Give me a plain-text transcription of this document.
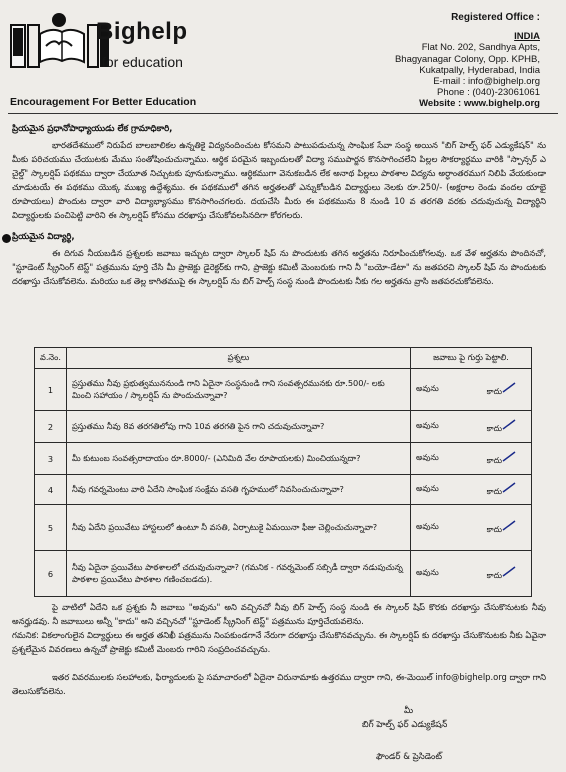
Bighelp
for education
Encouragement For Better Education
Registered Office :
INDIA
Flat No. 202, Sandhya Apts,
Bhagyanagar Colony, Opp. KPHB,
Kukatpally, Hyderabad, India
E-mail : info@bighelp.org
Phone : (040)-23061061
Website : www.bighelp.org
ప్రియమైన ప్రధానోపాధ్యాయుడు లేక గ్రామాధికారి,
భారతదేశములో నిరుపేద బాలబాలికల ఉన్నతికై విద్యనందించుట కోసమని పాటుపడుచున్న సాంఘిక సేవా సంస్థ అయిన "బిగ్ హెల్ప్ ఫర్ ఎడ్యుకేషన్" ను మీకు పరిచయము చేయుటకు మేము సంతోషించుచున్నాము. ఆర్థిక పరమైన ఇబ్బందులతో విద్యా సముపార్జన కొనసాగించలేని పిల్లల సౌకర్యార్థము వారికి "స్పాన్సర్ ఎ చైల్డ్" స్కాలర్షిప్ పథకము ద్వారా చేయూత నిచ్చుటకు పూనుకున్నాము. ఆర్థికముగా వెనుకబడిన లేక అనాథ పిల్లలు పాఠశాల విద్యను అర్ధాంతరముగ నిలిపి వేయకుండా చూడుటయే ఈ పథకము యొక్క ముఖ్య ఉద్దేశ్యము. ఈ పథకములో తగిన అర్హతలతో ఎన్నుకోబడిన విద్యార్థులు నెలకు రూ.250/- (అక్షరాల రెండు వందల యాభై రూపాయలు) పొందుట ద్వారా వారి విద్యాభ్యాసము కొనసాగించగలరు. దయచేసి మీరు ఈ పథకమును 8 నుండి 10 వ తరగతి వరకు చదువుచున్న విద్యార్థిని విద్యార్థులకు పంచిపెట్టి వారిని ఈ స్కాలర్షిప్ కోసము దరఖాస్తు చేసుకోవలసినదిగా కోరగలరు.
ప్రియమైన విద్యార్థి,
ఈ దిగువ నీయబడిన ప్రశ్నలకు జవాబు ఇచ్చుట ద్వారా స్కాలర్ షిప్ ను పొందుటకు తగిన అర్హతను నిరూపించుకోగలవు. ఒక వేళ అర్హతను పొందినచో, "స్టూడెంట్ స్క్రీనింగ్ టెస్ట్" పత్రమును పూర్తి చేసి మీ ప్రాజెక్టు డైరెక్టర్‌కు గాని, ప్రాజెక్టు కమిటీ మెంబరుకు గాని నీ "బయో-డేటా" ను జతపరచి స్కాలర్ షిప్ ను పొందుటకు దరఖాస్తు చేసుకోవలెను. మరియు ఒక తెల్ల కాగితముపై ఈ స్కాలర్షిప్ ను బిగ్ హెల్ప్ సంస్థ నుండి పొందుటకు నీకు గల అర్హతను వ్రాసి జతపరచుకోవలెను.
వ.నెం.	ప్రశ్నలు	జవాబు పై గుర్తు పెట్టాలి.
1	ప్రస్తుతము నీవు ప్రభుత్వముననుండి గాని ఏదైనా సంస్థనుండి గాని సంవత్సరమునకు రూ.500/- లకు మించి సహాయం / స్కాలర్షిప్ ను పొందుచున్నావా?	అవును కాదు

2	ప్రస్తుతము నీవు 8వ తరగతిలోపు గాని 10వ తరగతి పైన గాని చదువుచున్నావా?	అవును కాదు

3	మీ కుటుంబ సంవత్సరాదాయం రూ.8000/- (ఎనిమిది వేల రూపాయలకు) మించియున్నదా?	అవును కాదు

4	నీవు గవర్నమెంటు వారి ఏదేని సాంఘిక సంక్షేమ వసతి గృహములో నివసించుచున్నావా?	అవును కాదు

5	నీవు ఏదేని ప్రయివేటు హాస్టలులో ఉంటూ నీ వసతి, ఏర్పాటుకై ఏమయినా ఫీజు చెల్లించుచున్నావా?	అవును కాదు

6	నీవు ఏదైనా ప్రయివేటు పాఠశాలలో చదువుచున్నావా? (గమనిక - గవర్నమెంట్ సబ్సిడీ ద్వారా నడుపుచున్న పాఠశాల ప్రయివేటు పాఠశాల గణించబడదు).	అవును కాదు
పై వాటిలో ఏదేని ఒక ప్రశ్నకు నీ జవాబు "అవును" అని వచ్చినచో నీవు బిగ్ హెల్ప్ సంస్థ నుండి ఈ స్కాలర్ షిప్ కొరకు దరఖాస్తు చేసుకొనుటకు నీవు అనర్హుడవు. నీ జవాబులు అన్నీ "కాదు" అని వచ్చినచో "స్టూడెంట్ స్క్రీనింగ్ టెస్ట్" పత్రమును పూర్తిచేయవలెను.
గమనిక: వికలాంగులైన విద్యార్థులు ఈ అర్హత తనిఖీ పత్రమును నింపకుండగానే నేరుగా దరఖాస్తు చేసుకొనవచ్చును. ఈ స్కాలర్షిప్ కు దరఖాస్తు చేసుకొనుటకు నీకు ఏవైనా ప్రశ్నలేమైన వివరణలు ఉన్నచో ప్రాజెక్టు కమిటీ మెంబరు గారిని సంప్రదించవచ్చును.
ఇతర వివరములకు సలహాలకు, ఫిర్యాదులకు పై సమాచారంలో ఏదైనా చిరునామాకు ఉత్తరము ద్వారా గాని, ఈ-మెయిల్ info@bighelp.org ద్వారా గాని తెలుసుకోవలెను.
మీ
బిగ్ హెల్ప్ ఫర్ ఎడ్యుకేషన్
ఫౌండర్ & ప్రెసిడెంట్
